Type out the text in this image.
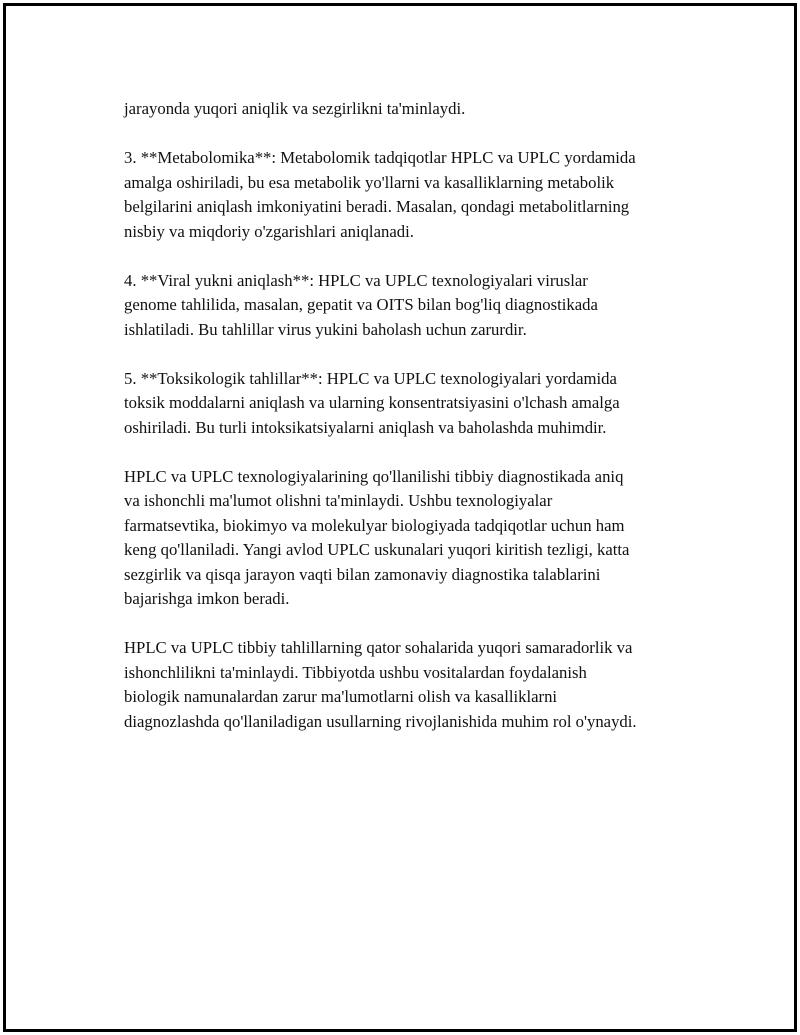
jarayonda yuqori aniqlik va sezgirlikni ta'minlaydi.

3. **Metabolomika**: Metabolomik tadqiqotlar HPLC va UPLC yordamida
amalga oshiriladi, bu esa metabolik yo'llarni va kasalliklarning metabolik
belgilarini aniqlash imkoniyatini beradi. Masalan, qondagi metabolitlarning
nisbiy va miqdoriy o'zgarishlari aniqlanadi.

4. **Viral yukni aniqlash**: HPLC va UPLC texnologiyalari viruslar
genome tahlilida, masalan, gepatit va OITS bilan bog'liq diagnostikada
ishlatiladi. Bu tahlillar virus yukini baholash uchun zarurdir.

5. **Toksikologik tahlillar**: HPLC va UPLC texnologiyalari yordamida
toksik moddalarni aniqlash va ularning konsentratsiyasini o'lchash amalga
oshiriladi. Bu turli intoksikatsiyalarni aniqlash va baholashda muhimdir.

HPLC va UPLC texnologiyalarining qo'llanilishi tibbiy diagnostikada aniq
va ishonchli ma'lumot olishni ta'minlaydi. Ushbu texnologiyalar
farmatsevtika, biokimyo va molekulyar biologiyada tadqiqotlar uchun ham
keng qo'llaniladi. Yangi avlod UPLC uskunalari yuqori kiritish tezligi, katta
sezgirlik va qisqa jarayon vaqti bilan zamonaviy diagnostika talablarini
bajarishga imkon beradi.

HPLC va UPLC tibbiy tahlillarning qator sohalarida yuqori samaradorlik va
ishonchlilikni ta'minlaydi. Tibbiyotda ushbu vositalardan foydalanish
biologik namunalardan zarur ma'lumotlarni olish va kasalliklarni
diagnozlashda qo'llaniladigan usullarning rivojlanishida muhim rol o'ynaydi.
